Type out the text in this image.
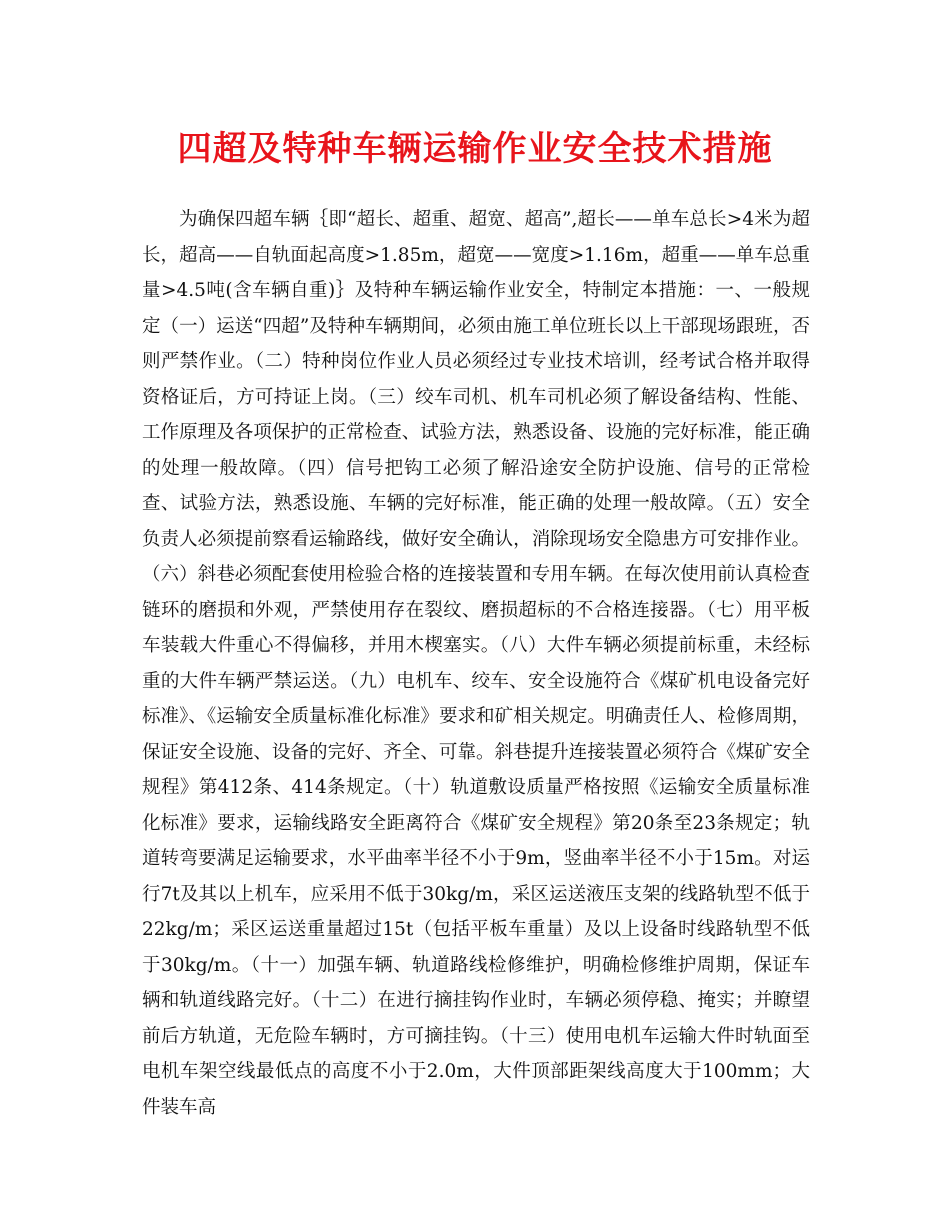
四超及特种车辆运输作业安全技术措施

为确保四超车辆｛即“超长、超重、超宽、超高”,超长——单车总长>4米为超长，超高——自轨面起高度>1.85m，超宽——宽度>1.16m，超重——单车总重量>4.5吨(含车辆自重)｝及特种车辆运输作业安全，特制定本措施：一、一般规定（一）运送“四超”及特种车辆期间，必须由施工单位班长以上干部现场跟班，否则严禁作业。（二）特种岗位作业人员必须经过专业技术培训，经考试合格并取得资格证后，方可持证上岗。（三）绞车司机、机车司机必须了解设备结构、性能、工作原理及各项保护的正常检查、试验方法，熟悉设备、设施的完好标准，能正确的处理一般故障。（四）信号把钩工必须了解沿途安全防护设施、信号的正常检查、试验方法，熟悉设施、车辆的完好标准，能正确的处理一般故障。（五）安全负责人必须提前察看运输路线，做好安全确认，消除现场安全隐患方可安排作业。（六）斜巷必须配套使用检验合格的连接装置和专用车辆。在每次使用前认真检查链环的磨损和外观，严禁使用存在裂纹、磨损超标的不合格连接器。（七）用平板车装载大件重心不得偏移，并用木楔塞实。（八）大件车辆必须提前标重，未经标重的大件车辆严禁运送。（九）电机车、绞车、安全设施符合《煤矿机电设备完好标准》、《运输安全质量标准化标准》要求和矿相关规定。明确责任人、检修周期，保证安全设施、设备的完好、齐全、可靠。斜巷提升连接装置必须符合《煤矿安全规程》第412条、414条规定。（十）轨道敷设质量严格按照《运输安全质量标准化标准》要求，运输线路安全距离符合《煤矿安全规程》第20条至23条规定；轨道转弯要满足运输要求，水平曲率半径不小于9m，竖曲率半径不小于15m。对运行7t及其以上机车，应采用不低于30kg/m，采区运送液压支架的线路轨型不低于22kg/m；采区运送重量超过15t（包括平板车重量）及以上设备时线路轨型不低于30kg/m。（十一）加强车辆、轨道路线检修维护，明确检修维护周期，保证车辆和轨道线路完好。（十二）在进行摘挂钩作业时，车辆必须停稳、掩实；并瞭望前后方轨道，无危险车辆时，方可摘挂钩。（十三）使用电机车运输大件时轨面至电机车架空线最低点的高度不小于2.0m，大件顶部距架线高度大于100mm；大件装车高
